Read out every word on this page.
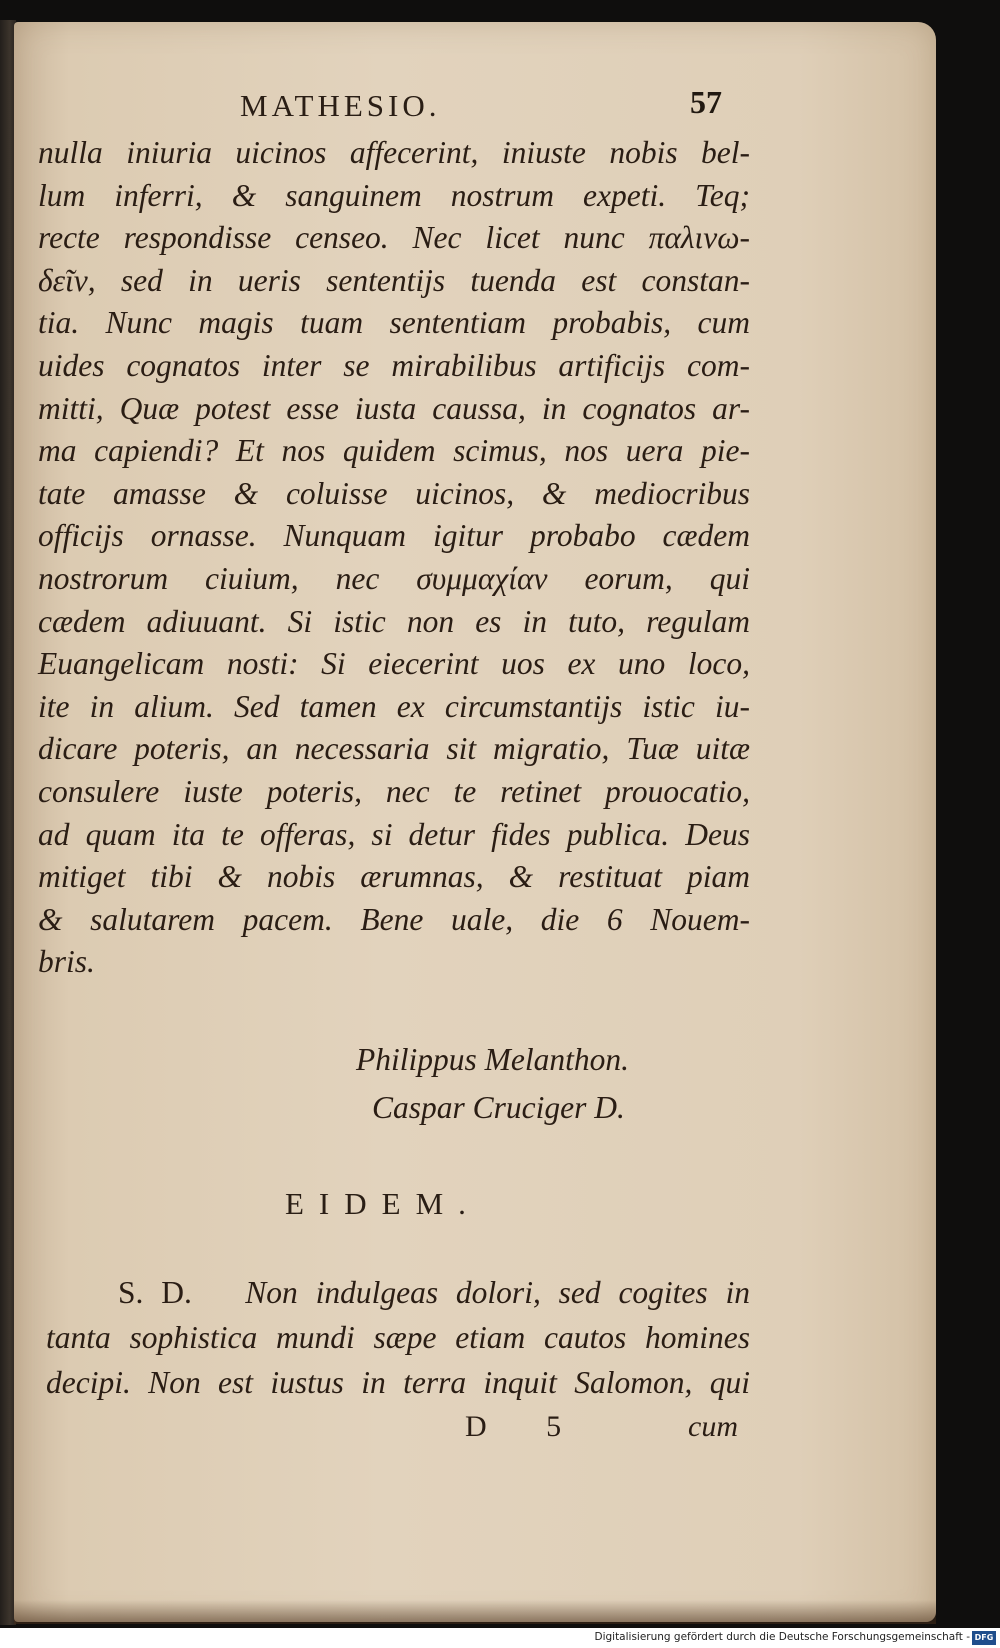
MATHESIO.	57
nulla iniuria uicinos affecerint, iniuste nobis bel-
lum inferri, & sanguinem nostrum expeti. Teq;
recte respondisse censeo. Nec licet nunc παλινω-
δεῖν, sed in ueris sententijs tuenda est constan-
tia. Nunc magis tuam sententiam probabis, cum
uides cognatos inter se mirabilibus artificijs com-
mitti, Quæ potest esse iusta caussa, in cognatos ar-
ma capiendi? Et nos quidem scimus, nos uera pie-
tate amasse & coluisse uicinos, & mediocribus
officijs ornasse. Nunquam igitur probabo cædem
nostrorum ciuium, nec συμμαχίαν eorum, qui
cædem adiuuant. Si istic non es in tuto, regulam
Euangelicam nosti: Si eiecerint uos ex uno loco,
ite in alium. Sed tamen ex circumstantijs istic iu-
dicare poteris, an necessaria sit migratio, Tuæ uitæ
consulere iuste poteris, nec te retinet prouocatio,
ad quam ita te offeras, si detur fides publica. Deus
mitiget tibi & nobis ærumnas, & restituat piam
& salutarem pacem. Bene uale, die 6 Nouem-
bris.
Philippus Melanthon.
Caspar Cruciger D.
EIDEM.
S. D. Non indulgeas dolori, sed cogites in
tanta sophistica mundi sæpe etiam cautos homines
decipi. Non est iustus in terra inquit Salomon, qui
D 5	cum
Digitalisierung gefördert durch die Deutsche Forschungsgemeinschaft - DFG
